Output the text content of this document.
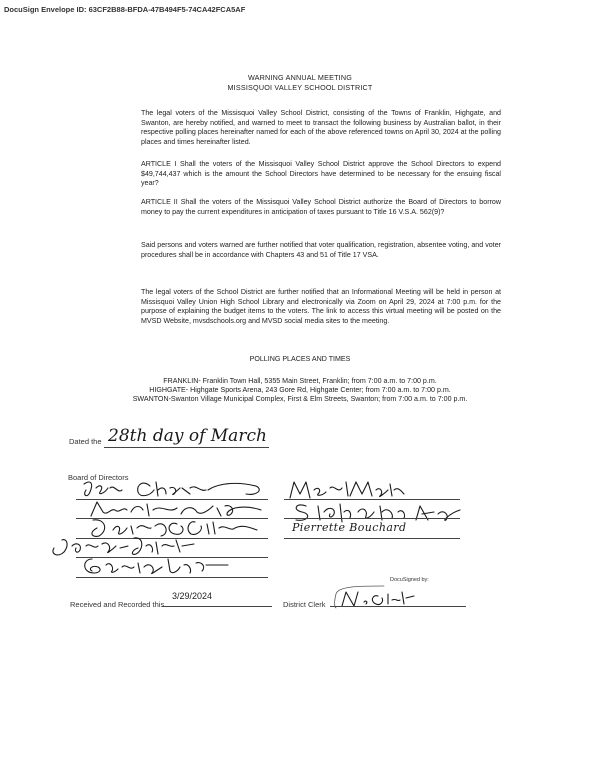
DocuSign Envelope ID: 63CF2B88-BFDA-47B494F5-74CA42FCA5AF
WARNING ANNUAL MEETING
MISSISQUOI VALLEY SCHOOL DISTRICT
The legal voters of the Missisquoi Valley School District, consisting of the Towns of Franklin, Highgate, and Swanton, are hereby notified, and warned to meet to transact the following business by Australian ballot, in their respective polling places hereinafter named for each of the above referenced towns on April 30, 2024 at the polling places and times hereinafter listed.
ARTICLE I Shall the voters of the Missisquoi Valley School District approve the School Directors to expend $49,744,437 which is the amount the School Directors have determined to be necessary for the ensuing fiscal year?
ARTICLE II Shall the voters of the Missisquoi Valley School District authorize the Board of Directors to borrow money to pay the current expenditures in anticipation of taxes pursuant to Title 16 V.S.A. 562(9)?
Said persons and voters warned are further notified that voter qualification, registration, absentee voting, and voter procedures shall be in accordance with Chapters 43 and 51 of Title 17 VSA.
The legal voters of the School District are further notified that an Informational Meeting will be held in person at Missisquoi Valley Union High School Library and electronically via Zoom on April 29, 2024 at 7:00 p.m. for the purpose of explaining the budget items to the voters. The link to access this virtual meeting will be posted on the MVSD Website, mvsdschools.org and MVSD social media sites to the meeting.
POLLING PLACES AND TIMES
FRANKLIN- Franklin Town Hall, 5355 Main Street, Franklin; from 7:00 a.m. to 7:00 p.m.
HIGHGATE- Highgate Sports Arena, 243 Gore Rd, Highgate Center; from 7:00 a.m. to 7:00 p.m.
SWANTON-Swanton Village Municipal Complex, First & Elm Streets, Swanton; from 7:00 a.m. to 7:00 p.m.
Dated the 28th day of March
Board of Directors
Pierrette Bouchard
Received and Recorded this
3/29/2024
District Clerk
DocuSigned by:
